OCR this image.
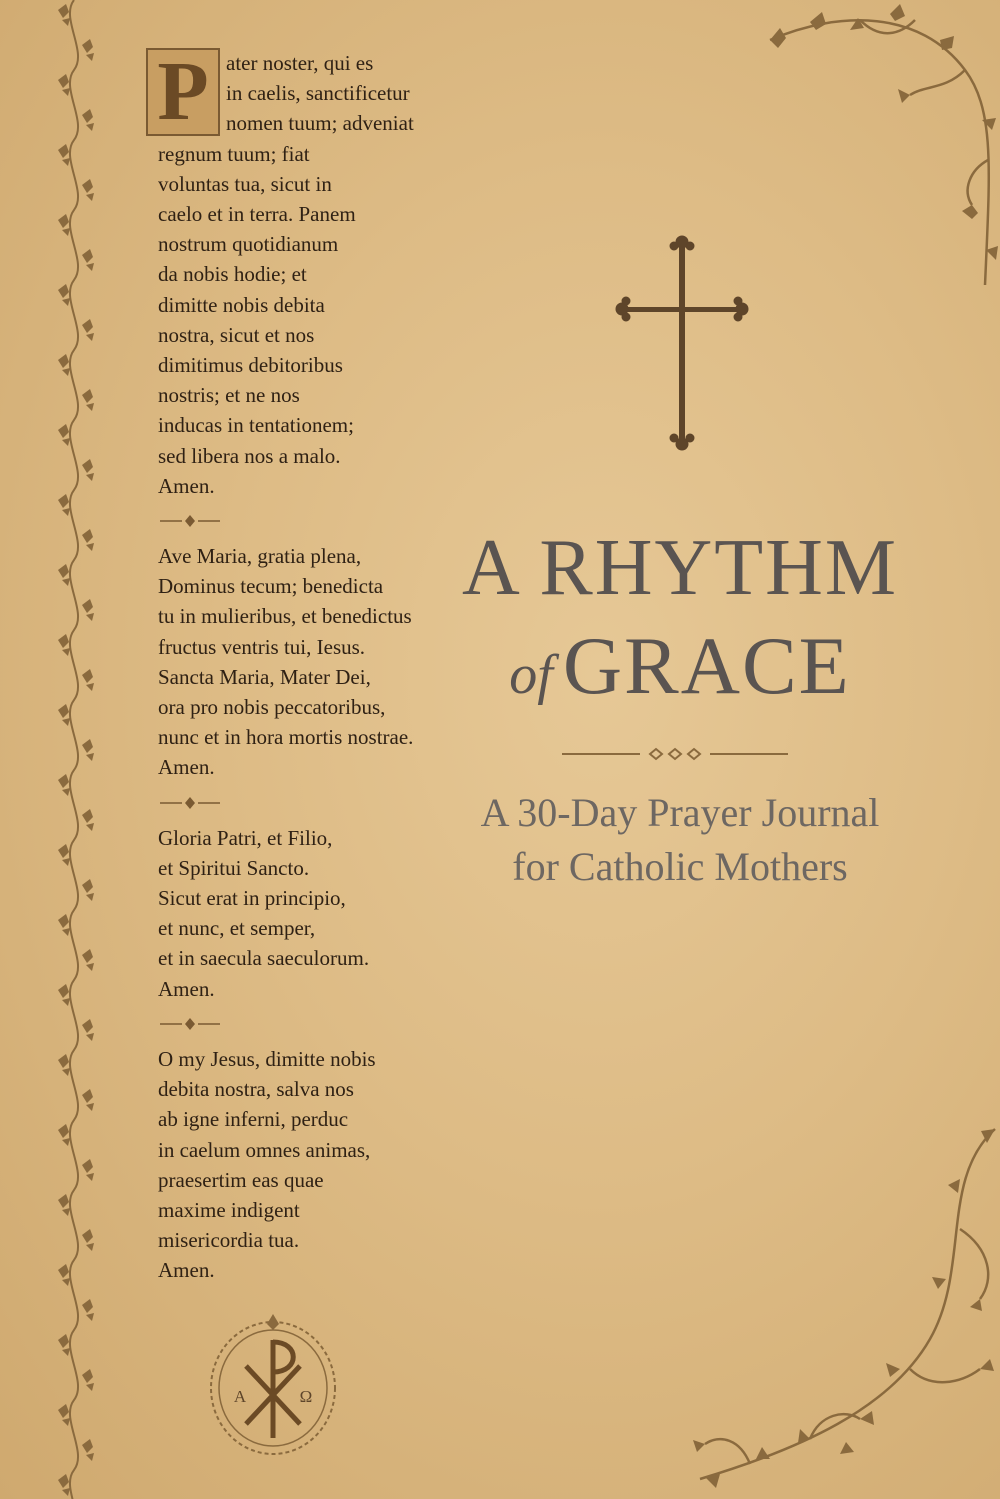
P ater noster, qui es
in caelis, sanctificetur
nomen tuum; adveniat
regnum tuum; fiat
voluntas tua, sicut in
caelo et in terra. Panem
nostrum quotidianum
da nobis hodie; et
dimitte nobis debita
nostra, sicut et nos
dimitimus debitoribus
nostris; et ne nos
inducas in tentationem;
sed libera nos a malo.
Amen.

Ave Maria, gratia plena,
Dominus tecum; benedicta
tu in mulieribus, et benedictus
fructus ventris tui, Iesus.
Sancta Maria, Mater Dei,
ora pro nobis peccatoribus,
nunc et in hora mortis nostrae.
Amen.

Gloria Patri, et Filio,
et Spiritui Sancto.
Sicut erat in principio,
et nunc, et semper,
et in saecula saeculorum.
Amen.

O my Jesus, dimitte nobis
debita nostra, salva nos
ab igne inferni, perduc
in caelum omnes animas,
praesertim eas quae
maxime indigent
misericordia tua.
Amen.

A RHYTHM
of GRACE
A 30-Day Prayer Journal
for Catholic Mothers
A	Ω
